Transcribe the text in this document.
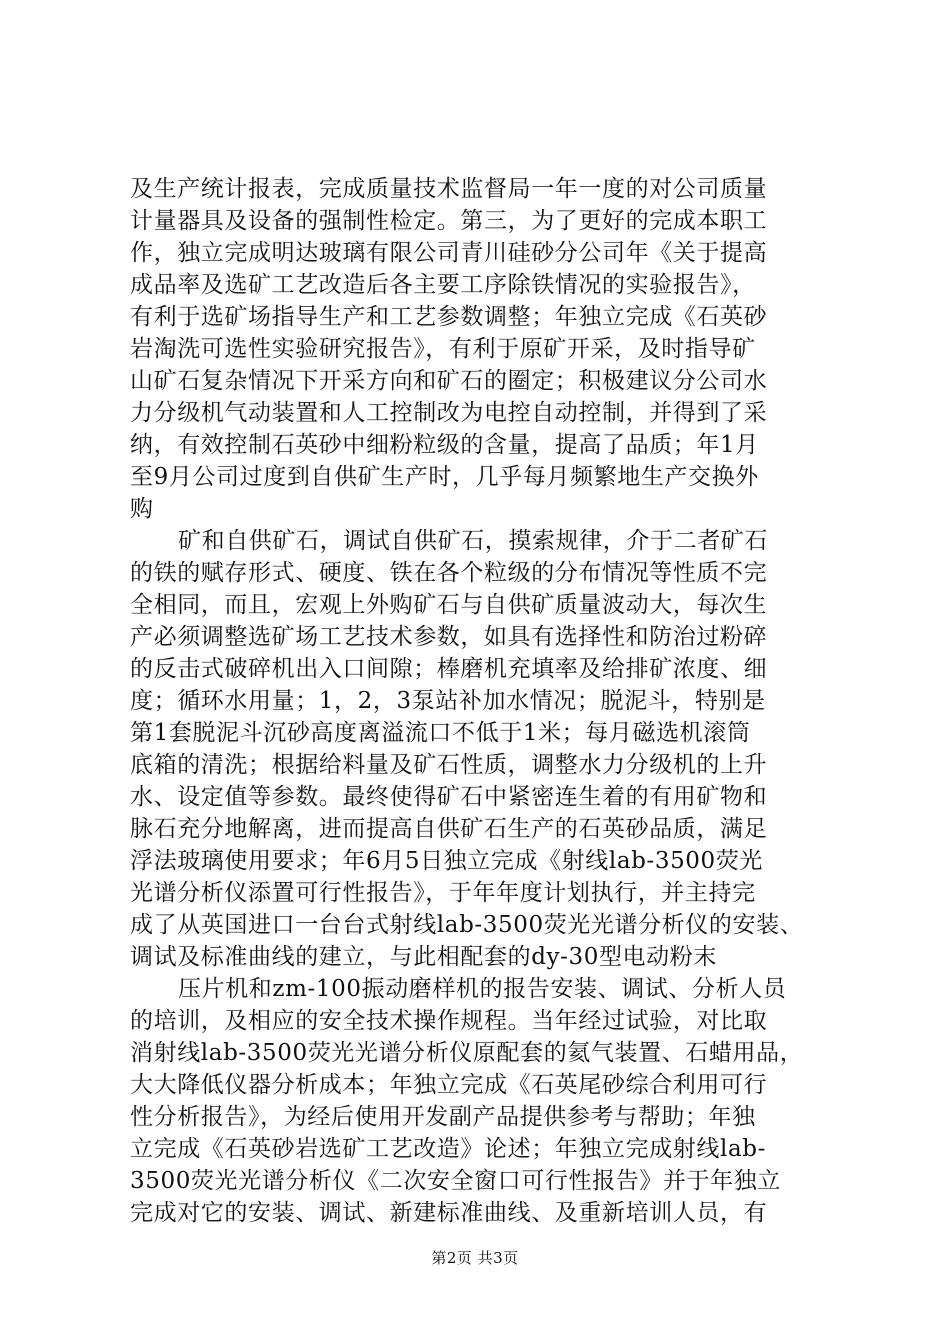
及生产统计报表，完成质量技术监督局一年一度的对公司质量
计量器具及设备的强制性检定。第三，为了更好的完成本职工
作，独立完成明达玻璃有限公司青川硅砂分公司年《关于提高
成品率及选矿工艺改造后各主要工序除铁情况的实验报告》，
有利于选矿场指导生产和工艺参数调整；年独立完成《石英砂
岩淘洗可选性实验研究报告》，有利于原矿开采，及时指导矿
山矿石复杂情况下开采方向和矿石的圈定；积极建议分公司水
力分级机气动装置和人工控制改为电控自动控制，并得到了采
纳，有效控制石英砂中细粉粒级的含量，提高了品质；年1月
至9月公司过度到自供矿生产时，几乎每月频繁地生产交换外
购
矿和自供矿石，调试自供矿石，摸索规律，介于二者矿石
的铁的赋存形式、硬度、铁在各个粒级的分布情况等性质不完
全相同，而且，宏观上外购矿石与自供矿质量波动大，每次生
产必须调整选矿场工艺技术参数，如具有选择性和防治过粉碎
的反击式破碎机出入口间隙；棒磨机充填率及给排矿浓度、细
度；循环水用量；1，2，3泵站补加水情况；脱泥斗，特别是
第1套脱泥斗沉砂高度离溢流口不低于1米；每月磁选机滚筒
底箱的清洗；根据给料量及矿石性质，调整水力分级机的上升
水、设定值等参数。最终使得矿石中紧密连生着的有用矿物和
脉石充分地解离，进而提高自供矿石生产的石英砂品质，满足
浮法玻璃使用要求；年6月5日独立完成《射线lab-3500荧光
光谱分析仪添置可行性报告》，于年年度计划执行，并主持完
成了从英国进口一台台式射线lab-3500荧光光谱分析仪的安装、
调试及标准曲线的建立，与此相配套的dy-30型电动粉末
压片机和zm-100振动磨样机的报告安装、调试、分析人员
的培训，及相应的安全技术操作规程。当年经过试验，对比取
消射线lab-3500荧光光谱分析仪原配套的氦气装置、石蜡用品，
大大降低仪器分析成本；年独立完成《石英尾砂综合利用可行
性分析报告》，为经后使用开发副产品提供参考与帮助；年独
立完成《石英砂岩选矿工艺改造》论述；年独立完成射线lab-
3500荧光光谱分析仪《二次安全窗口可行性报告》并于年独立
完成对它的安装、调试、新建标准曲线、及重新培训人员，有
第2页 共3页
